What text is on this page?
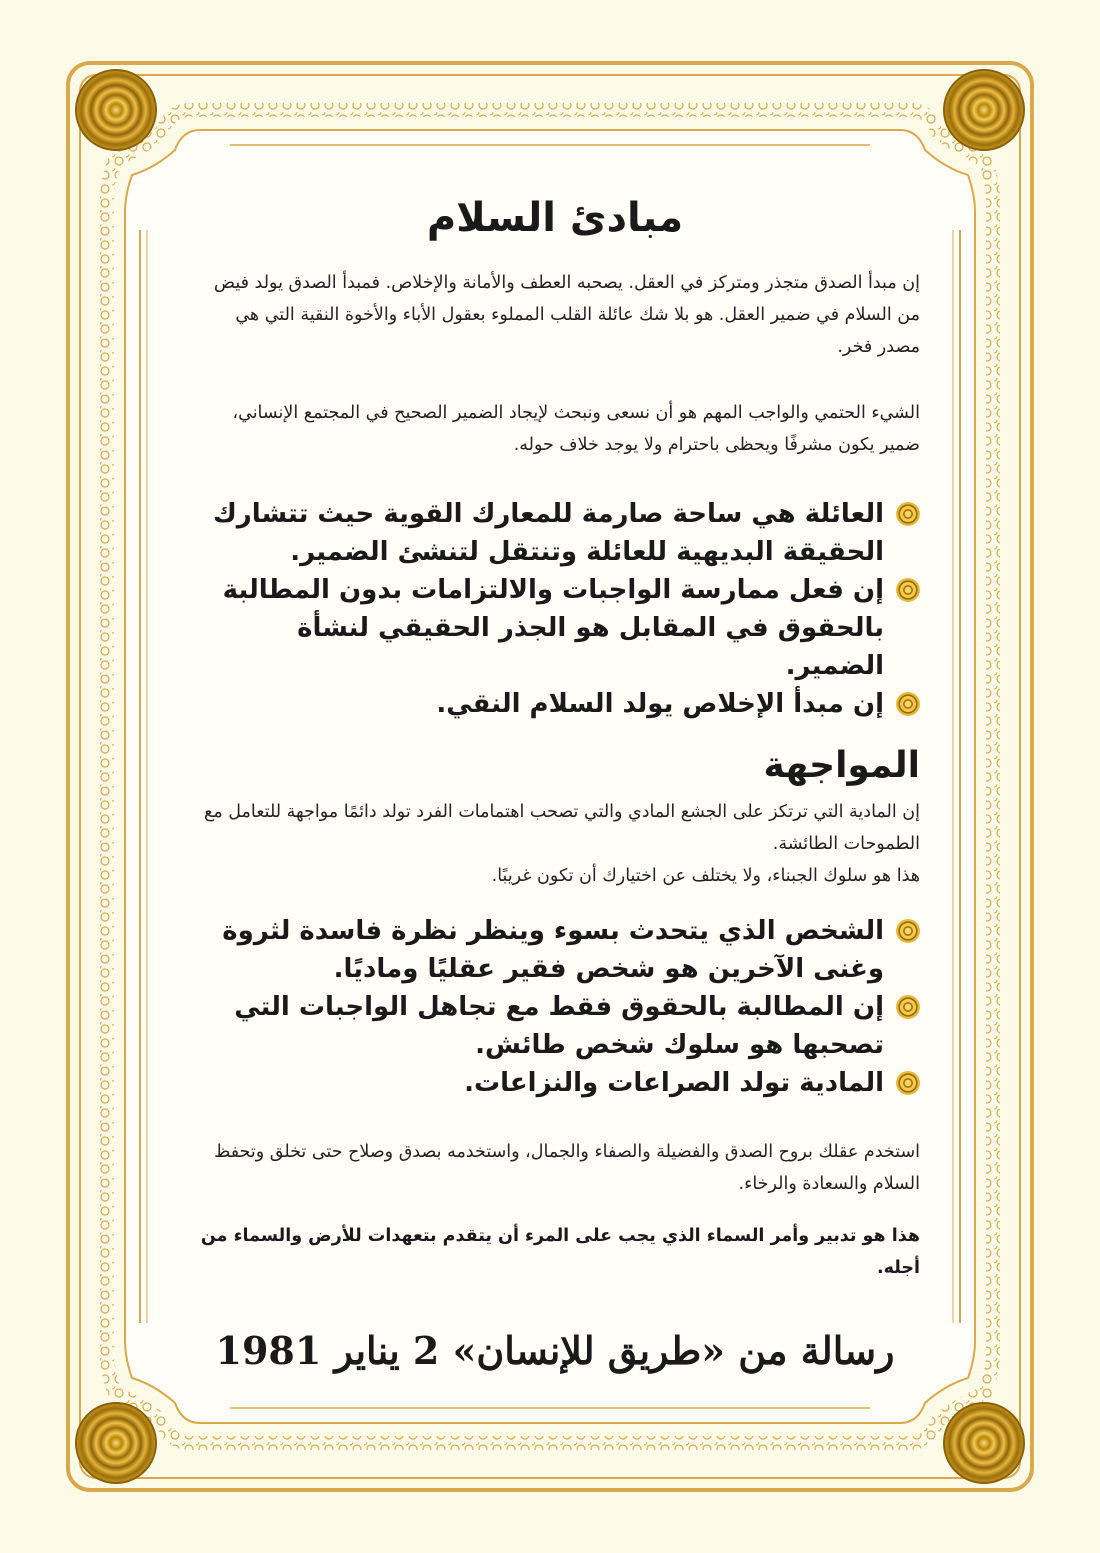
مبادئ السلام

إن مبدأ الصدق متجذر ومتركز في العقل. يصحبه العطف والأمانة والإخلاص. فمبدأ الصدق يولد فيض من السلام في ضمير العقل. هو بلا شك عائلة القلب المملوء بعقول الأباء والأخوة النقية التي هي مصدر فخر.

الشيء الحتمي والواجب المهم هو أن نسعى ونبحث لإيجاد الضمير الصحيح في المجتمع الإنساني، ضمير يكون مشرفًا ويحظى باحترام ولا يوجد خلاف حوله.

العائلة هي ساحة صارمة للمعارك القوية حيث تتشارك الحقيقة البديهية للعائلة وتنتقل لتنشئ الضمير.
إن فعل ممارسة الواجبات والالتزامات بدون المطالبة بالحقوق في المقابل هو الجذر الحقيقي لنشأة الضمير.
إن مبدأ الإخلاص يولد السلام النقي.
المواجهة

إن المادية التي ترتكز على الجشع المادي والتي تصحب اهتمامات الفرد تولد دائمًا مواجهة للتعامل مع الطموحات الطائشة.

هذا هو سلوك الجبناء، ولا يختلف عن اختيارك أن تكون غريبًا.

الشخص الذي يتحدث بسوء وينظر نظرة فاسدة لثروة وغنى الآخرين هو شخص فقير عقليًا وماديًا.
إن المطالبة بالحقوق فقط مع تجاهل الواجبات التي تصحبها هو سلوك شخص طائش.
المادية تولد الصراعات والنزاعات.

استخدم عقلك بروح الصدق والفضيلة والصفاء والجمال، واستخدمه بصدق وصلاح حتى تخلق وتحفظ السلام والسعادة والرخاء.

هذا هو تدبير وأمر السماء الذي يجب على المرء أن يتقدم بتعهدات للأرض والسماء من أجله.

رسالة من «طريق للإنسان» 2 يناير 1981
